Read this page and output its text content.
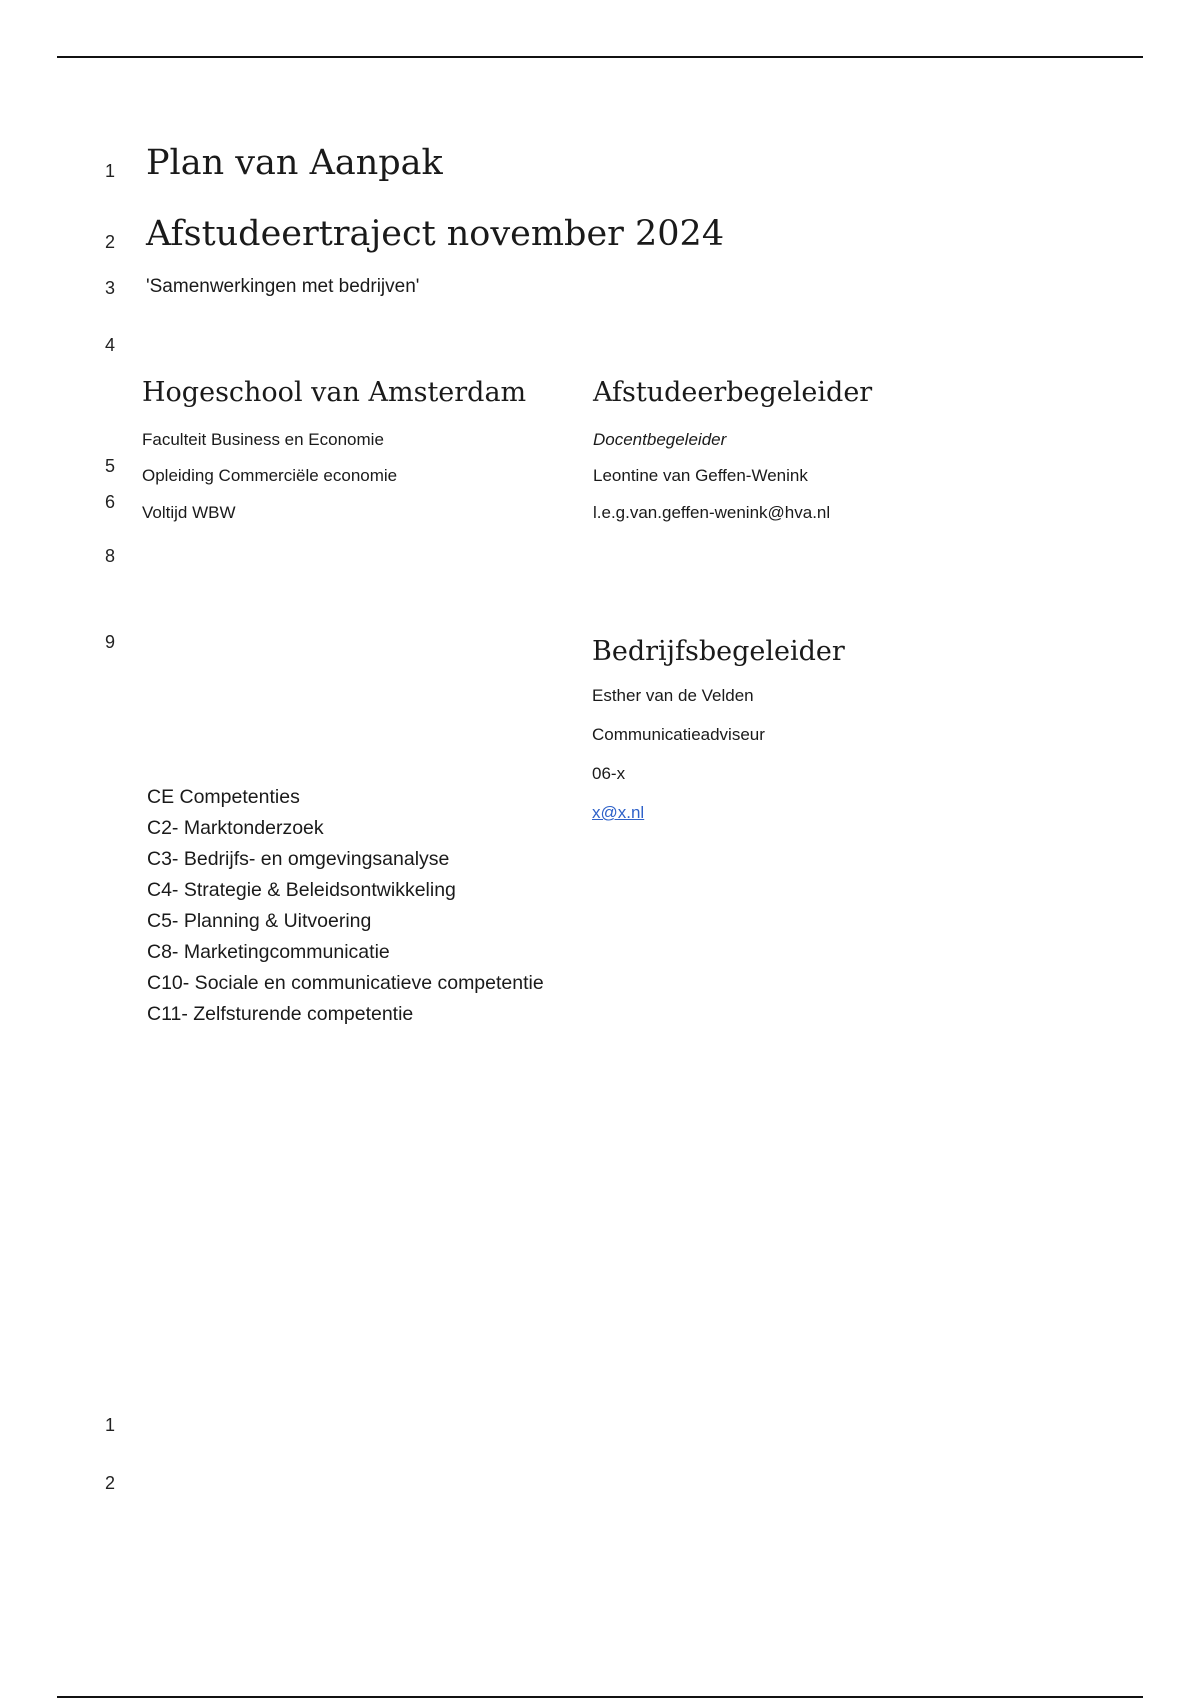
1
2
3
4
5
6
8
9
1
2
Plan van Aanpak
Afstudeertraject november 2024
'Samenwerkingen met bedrijven'
Hogeschool van Amsterdam
Faculteit Business en Economie
Opleiding Commerciële economie
Voltijd WBW
Afstudeerbegeleider
Docentbegeleider
Leontine van Geffen-Wenink
l.e.g.van.geffen-wenink@hva.nl
Bedrijfsbegeleider
Esther van de Velden
Communicatieadviseur
06-x
x@x.nl
CE Competenties
C2- Marktonderzoek
C3- Bedrijfs- en omgevingsanalyse
C4- Strategie & Beleidsontwikkeling
C5- Planning & Uitvoering
C8- Marketingcommunicatie
C10- Sociale en communicatieve competentie
C11- Zelfsturende competentie
